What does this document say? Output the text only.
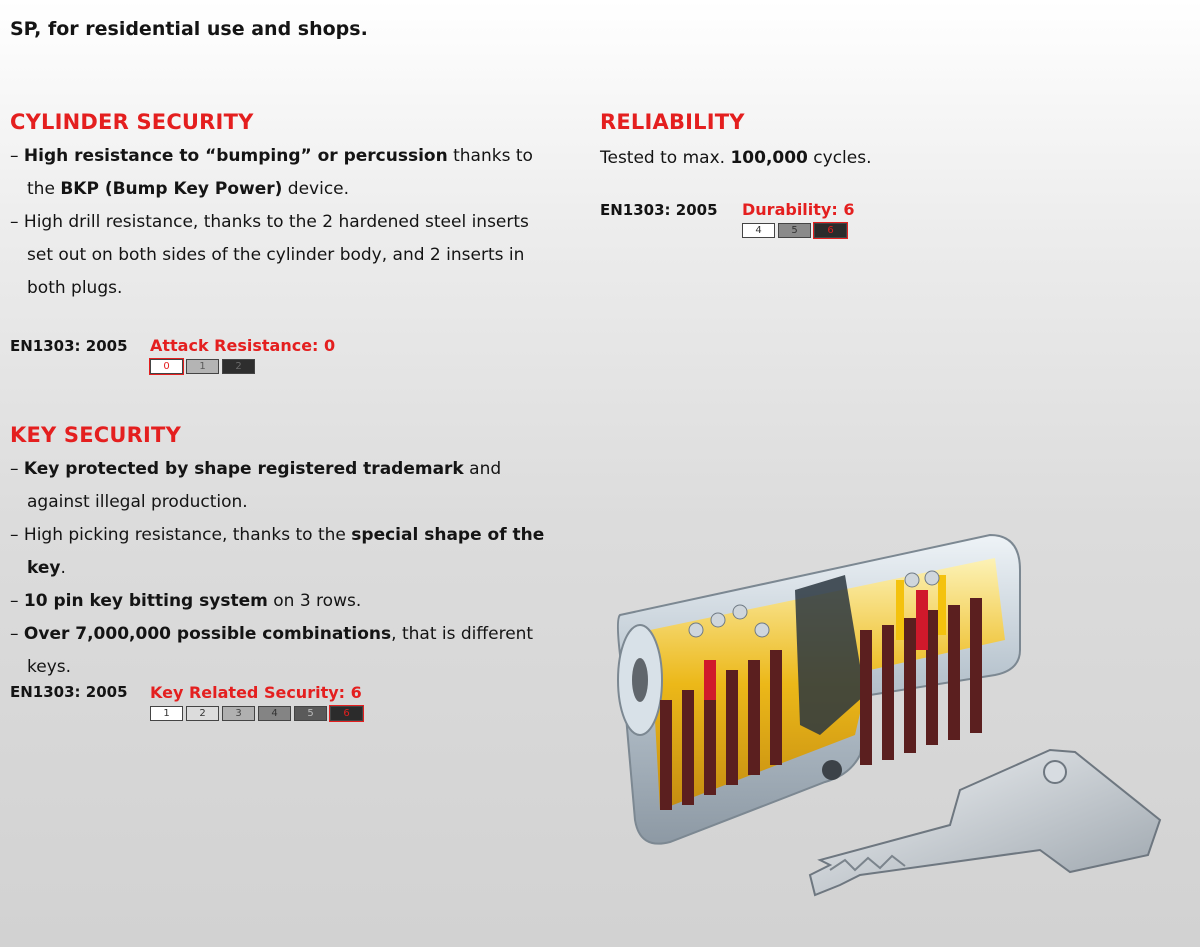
SP, for residential use and shops.
CYLINDER SECURITY
– High resistance to “bumping” or percussion thanks to the BKP (Bump Key Power) device.
– High drill resistance, thanks to the 2 hardened steel inserts set out on both sides of the cylinder body, and 2 inserts in both plugs.
EN1303: 2005 Attack Resistance: 0
0	1	2
KEY SECURITY
– Key protected by shape registered trademark and against illegal production.
– High picking resistance, thanks to the special shape of the key.
– 10 pin key bitting system on 3 rows.
– Over 7,000,000 possible combinations, that is different keys.
EN1303: 2005 Key Related Security: 6
1	2	3	4	5	6
RELIABILITY
Tested to max. 100,000 cycles.
EN1303: 2005 Durability: 6
4	5	6
